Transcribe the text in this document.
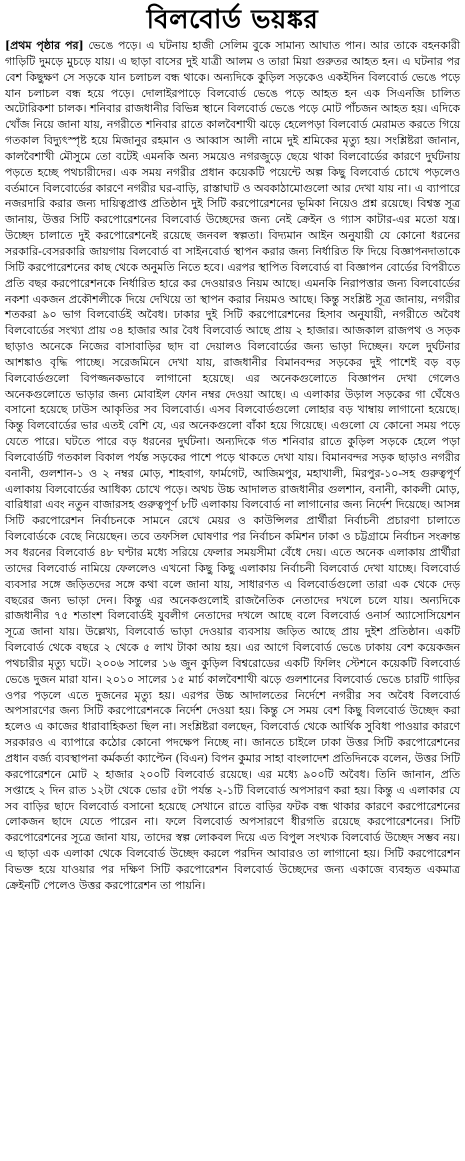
বিলবোর্ড ভয়ঙ্কর

[প্রথম পৃষ্ঠার পর] ভেঙে পড়ে। এ ঘটনায় হাজী সেলিম বুকে সামান্য আঘাত পান। আর তাকে বহনকারী গাড়িটি দুমড়ে মুচড়ে যায়। এ ছাড়া বাসের দুই যাত্রী আলম ও তারা মিয়া গুরুতর আহত হন। এ ঘটনার পর বেশ কিছুক্ষণ সে সড়কে যান চলাচল বন্ধ থাকে। অন্যদিকে কুড়িল সড়কেও একইদিন বিলবোর্ড ভেঙে পড়ে যান চলাচল বন্ধ হয়ে পড়ে। দোলাইরপাড়ে বিলবোর্ড ভেঙে পড়ে আহত হন এক সিএনজি চালিত অটোরিকশা চালক। শনিবার রাজধানীর বিভিন্ন স্থানে বিলবোর্ড ভেঙে পড়ে মোট পাঁচজন আহত হয়। এদিকে খোঁজ নিয়ে জানা যায়, নগরীতে শনিবার রাতে কালবৈশাখী ঝড়ে হেলেপড়া বিলবোর্ড মেরামত করতে গিয়ে গতকাল বিদ্যুৎস্পৃষ্ট হয়ে মিজানুর রহমান ও আব্বাস আলী নামে দুই শ্রমিকের মৃত্যু হয়। সংশ্লিষ্টরা জানান, কালবৈশাখী মৌসুমে তো বটেই এমনকি অন্য সময়েও নগরজুড়ে ছেয়ে থাকা বিলবোর্ডের কারণে দুর্ঘটনায় পড়তে হচ্ছে পথচারীদের। এক সময় নগরীর প্রধান কয়েকটি পয়েন্টে অল্প কিছু বিলবোর্ড চোখে পড়লেও বর্তমানে বিলবোর্ডের কারণে নগরীর ঘর-বাড়ি, রাস্তাঘাট ও অবকাঠামোগুলো আর দেখা যায় না। এ ব্যাপারে নজরদারি করার জন্য দায়িত্বপ্রাপ্ত প্রতিষ্ঠান দুই সিটি করপোরেশনের ভূমিকা নিয়েও প্রশ্ন রয়েছে। বিশ্বস্ত সূত্র জানায়, উত্তর সিটি করপোরেশনের বিলবোর্ড উচ্ছেদের জন্য নেই ক্রেইন ও গ্যাস কাটার-এর মতো যন্ত্র। উচ্ছেদ চালাতে দুই করপোরেশনেই রয়েছে জনবল স্বল্পতা। বিদ্যমান আইন অনুযায়ী যে কোনো ধরনের সরকারি-বেসরকারি জায়গায় বিলবোর্ড বা সাইনবোর্ড স্থাপন করার জন্য নির্ধারিত ফি দিয়ে বিজ্ঞাপনদাতাকে সিটি করপোরেশনের কাছ থেকে অনুমতি নিতে হবে। এরপর স্থাপিত বিলবোর্ড বা বিজ্ঞাপন বোর্ডের বিপরীতে প্রতি বছর করপোরেশনকে নির্ধারিত হারে কর দেওয়ারও নিয়ম আছে। এমনকি নিরাপত্তার জন্য বিলবোর্ডের নকশা একজন প্রকৌশলীকে দিয়ে দেখিয়ে তা স্থাপন করার নিয়মও আছে। কিন্তু সংশ্লিষ্ট সূত্র জানায়, নগরীর শতকরা ৯০ ভাগ বিলবোর্ডই অবৈধ। ঢাকার দুই সিটি করপোরেশনের হিসাব অনুযায়ী, নগরীতে অবৈধ বিলবোর্ডের সংখ্যা প্রায় ৩৪ হাজার আর বৈধ বিলবোর্ড আছে প্রায় ২ হাজার। আজকাল রাজপথ ও সড়ক ছাড়াও অনেকে নিজের বাসাবাড়ির ছাদ বা দেয়ালও বিলবোর্ডের জন্য ভাড়া দিচ্ছেন। ফলে দুর্ঘটনার আশঙ্কাও বৃদ্ধি পাচ্ছে। সরেজমিনে দেখা যায়, রাজধানীর বিমানবন্দর সড়কের দুই পাশেই বড় বড় বিলবোর্ডগুলো বিপজ্জনকভাবে লাগানো হয়েছে। এর অনেকগুলোতে বিজ্ঞাপন দেখা গেলেও অনেকগুলোতে ভাড়ার জন্য মোবাইল ফোন নম্বর দেওয়া আছে। এ এলাকার উড়াল সড়কের গা ঘেঁষেও বসানো হয়েছে ঢাউস আকৃতির সব বিলবোর্ড। এসব বিলবোর্ডগুলো লোহার বড় খাম্বায় লাগানো হয়েছে। কিন্তু বিলবোর্ডের ভার এতই বেশি যে, এর অনেকগুলো বাঁকা হয়ে গিয়েছে। এগুলো যে কোনো সময় পড়ে যেতে পারে। ঘটতে পারে বড় ধরনের দুর্ঘটনা। অন্যদিকে গত শনিবার রাতে কুড়িল সড়কে হেলে পড়া বিলবোর্ডটি গতকাল বিকাল পর্যন্ত সড়কের পাশে পড়ে থাকতে দেখা যায়। বিমানবন্দর সড়ক ছাড়াও নগরীর বনানী, গুলশান-১ ও ২ নম্বর মোড়, শাহবাগ, ফার্মগেট, আজিমপুর, মহাখালী, মিরপুর-১০-সহ গুরুত্বপূর্ণ এলাকায় বিলবোর্ডের আধিক্য চোখে পড়ে। অথচ উচ্চ আদালত রাজধানীর গুলশান, বনানী, কাকলী মোড়, বারিধারা এবং নতুন বাজারসহ গুরুত্বপূর্ণ ৮টি এলাকায় বিলবোর্ড না লাগানোর জন্য নির্দেশ দিয়েছে। আসন্ন সিটি করপোরেশন নির্বাচনকে সামনে রেখে মেয়র ও কাউন্সিলর প্রার্থীরা নির্বাচনী প্রচারণা চালাতে বিলবোর্ডকে বেছে নিয়েছেন। তবে তফসিল ঘোষণার পর নির্বাচন কমিশন ঢাকা ও চট্টগ্রামে নির্বাচন সংক্রান্ত সব ধরনের বিলবোর্ড ৪৮ ঘণ্টার মধ্যে সরিয়ে ফেলার সময়সীমা বেঁধে দেয়। এতে অনেক এলাকায় প্রার্থীরা তাদের বিলবোর্ড নামিয়ে ফেললেও এখনো কিছু কিছু এলাকায় নির্বাচনী বিলবোর্ড দেখা যাচ্ছে। বিলবোর্ড ব্যবসার সঙ্গে জড়িতদের সঙ্গে কথা বলে জানা যায়, সাধারণত এ বিলবোর্ডগুলো তারা এক থেকে দেড় বছরের জন্য ভাড়া দেন। কিন্তু এর অনেকগুলোই রাজনৈতিক নেতাদের দখলে চলে যায়। অন্যদিকে রাজধানীর ৭৫ শতাংশ বিলবোর্ডই যুবলীগ নেতাদের দখলে আছে বলে বিলবোর্ড ওনার্স অ্যাসোসিয়েশন সূত্রে জানা যায়। উল্লেখ্য, বিলবোর্ড ভাড়া দেওয়ার ব্যবসায় জড়িত আছে প্রায় দুইশ প্রতিষ্ঠান। একটি বিলবোর্ড থেকে বছরে ২ থেকে ৫ লাখ টাকা আয় হয়। এর আগে বিলবোর্ড ভেঙে ঢাকায় বেশ কয়েকজন পথচারীর মৃত্যু ঘটে। ২০০৬ সালের ১৬ জুন কুড়িল বিশ্বরোডের একটি ফিলিং স্টেশনে কয়েকটি বিলবোর্ড ভেঙে দুজন মারা যান। ২০১০ সালের ১৫ মার্চ কালবৈশাখী ঝড়ে গুলশানের বিলবোর্ড ভেঙে চারটি গাড়ির ওপর পড়লে এতে দুজনের মৃত্যু হয়। এরপর উচ্চ আদালতের নির্দেশে নগরীর সব অবৈধ বিলবোর্ড অপসারণের জন্য সিটি করপোরেশনকে নির্দেশ দেওয়া হয়। কিন্তু সে সময় বেশ কিছু বিলবোর্ড উচ্ছেদ করা হলেও এ কাজের ধারাবাহিকতা ছিল না। সংশ্লিষ্টরা বলছেন, বিলবোর্ড থেকে আর্থিক সুবিধা পাওয়ার কারণে সরকারও এ ব্যাপারে কঠোর কোনো পদক্ষেপ নিচ্ছে না। জানতে চাইলে ঢাকা উত্তর সিটি করপোরেশনের প্রধান বর্জ্য ব্যবস্থাপনা কর্মকর্তা ক্যাপ্টেন (বিএন) বিপন কুমার সাহা বাংলাদেশ প্রতিদিনকে বলেন, উত্তর সিটি করপোরেশনে মোট ২ হাজার ২০০টি বিলবোর্ড রয়েছে। এর মধ্যে ৯০০টি অবৈধ। তিনি জানান, প্রতি সপ্তাহে ২ দিন রাত ১২টা থেকে ভোর ৫টা পর্যন্ত ২-১টি বিলবোর্ড অপসারণ করা হয়। কিন্তু এ এলাকার যে সব বাড়ির ছাদে বিলবোর্ড বসানো হয়েছে সেখানে রাতে বাড়ির ফটক বন্ধ থাকার কারণে করপোরেশনের লোকজন ছাদে যেতে পারেন না। ফলে বিলবোর্ড অপসারণে ধীরগতি রয়েছে করপোরেশনের। সিটি করপোরেশনের সূত্রে জানা যায়, তাদের স্বল্প লোকবল দিয়ে এত বিপুল সংখ্যক বিলবোর্ড উচ্ছেদ সম্ভব নয়। এ ছাড়া এক এলাকা থেকে বিলবোর্ড উচ্ছেদ করলে পরদিন আবারও তা লাগানো হয়। সিটি করপোরেশন বিভক্ত হয়ে যাওয়ার পর দক্ষিণ সিটি করপোরেশন বিলবোর্ড উচ্ছেদের জন্য একাজে ব্যবহৃত একমাত্র ক্রেইনটি পেলেও উত্তর করপোরেশন তা পায়নি।
